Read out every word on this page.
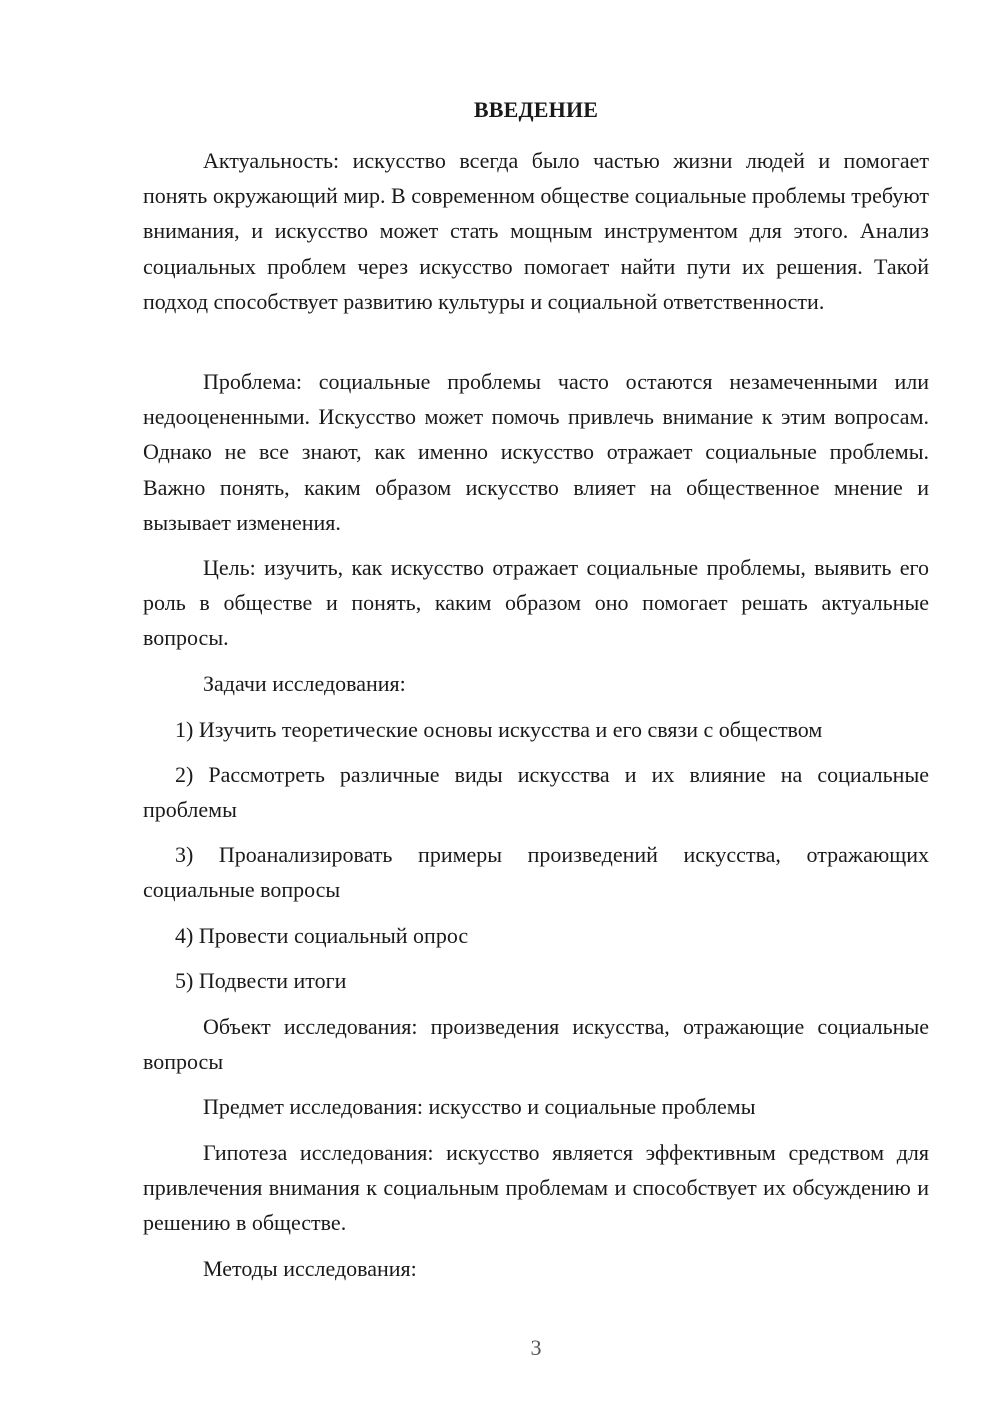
ВВЕДЕНИЕ

Актуальность: искусство всегда было частью жизни людей и помогает понять окружающий мир. В современном обществе социальные проблемы требуют внимания, и искусство может стать мощным инструментом для этого. Анализ социальных проблем через искусство помогает найти пути их решения. Такой подход способствует развитию культуры и социальной ответственности.

Проблема: социальные проблемы часто остаются незамеченными или недооцененными. Искусство может помочь привлечь внимание к этим вопросам. Однако не все знают, как именно искусство отражает социальные проблемы. Важно понять, каким образом искусство влияет на общественное мнение и вызывает изменения.

Цель: изучить, как искусство отражает социальные проблемы, выявить его роль в обществе и понять, каким образом оно помогает решать актуальные вопросы.

Задачи исследования:

1) Изучить теоретические основы искусства и его связи с обществом

2) Рассмотреть различные виды искусства и их влияние на социальные проблемы

3) Проанализировать примеры произведений искусства, отражающих социальные вопросы

4) Провести социальный опрос

5) Подвести итоги

Объект исследования: произведения искусства, отражающие социальные вопросы

Предмет исследования: искусство и социальные проблемы

Гипотеза исследования: искусство является эффективным средством для привлечения внимания к социальным проблемам и способствует их обсуждению и решению в обществе.

Методы исследования:

3
